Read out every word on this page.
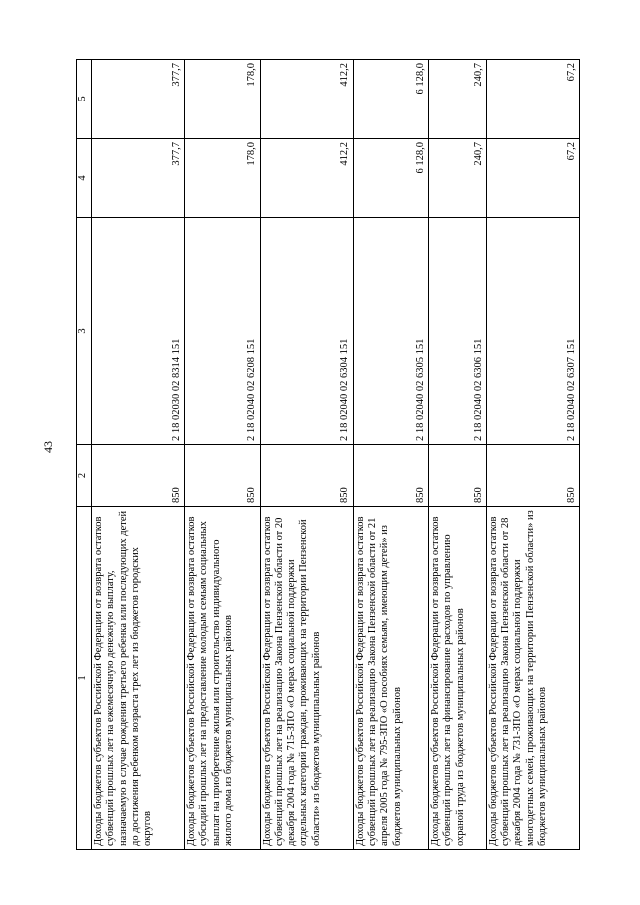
43
1	2	3	4	5
Доходы бюджетов субъектов Российской Федерации от возврата остатков субвенций прошлых лет на ежемесячную денежную выплату, назначаемую в случае рождения третьего ребенка или последующих детей до достижения ребенком возраста трех лет из бюджетов городских округов	850	2 18 02030 02 8314 151	377,7	377,7
Доходы бюджетов субъектов Российской Федерации от возврата остатков субсидий прошлых лет на предоставление молодым семьям социальных выплат на приобретение жилья или строительство индивидуального жилого дома из бюджетов муниципальных районов	850	2 18 02040 02 6208 151	178,0	178,0
Доходы бюджетов субъектов Российской Федерации от возврата остатков субвенций прошлых лет на реализацию Закона Пензенской области от 20 декабря 2004 года № 715-ЗПО «О мерах социальной поддержки отдельных категорий граждан, проживающих на территории Пензенской области» из бюджетов муниципальных районов	850	2 18 02040 02 6304 151	412,2	412,2
Доходы бюджетов субъектов Российской Федерации от возврата остатков субвенций прошлых лет на реализацию Закона Пензенской области от 21 апреля 2005 года № 795-ЗПО «О пособиях семьям, имеющим детей» из бюджетов муниципальных районов	850	2 18 02040 02 6305 151	6 128,0	6 128,0
Доходы бюджетов субъектов Российской Федерации от возврата остатков субвенций прошлых лет на финансирование расходов по управлению охраной труда из бюджетов муниципальных районов	850	2 18 02040 02 6306 151	240,7	240,7
Доходы бюджетов субъектов Российской Федерации от возврата остатков субвенций прошлых лет на реализацию Закона Пензенской области от 28 декабря 2004 года № 731-ЗПО «О мерах социальной поддержки многодетных семей, проживающих на территории Пензенской области» из бюджетов муниципальных районов	850	2 18 02040 02 6307 151	67,2	67,2
